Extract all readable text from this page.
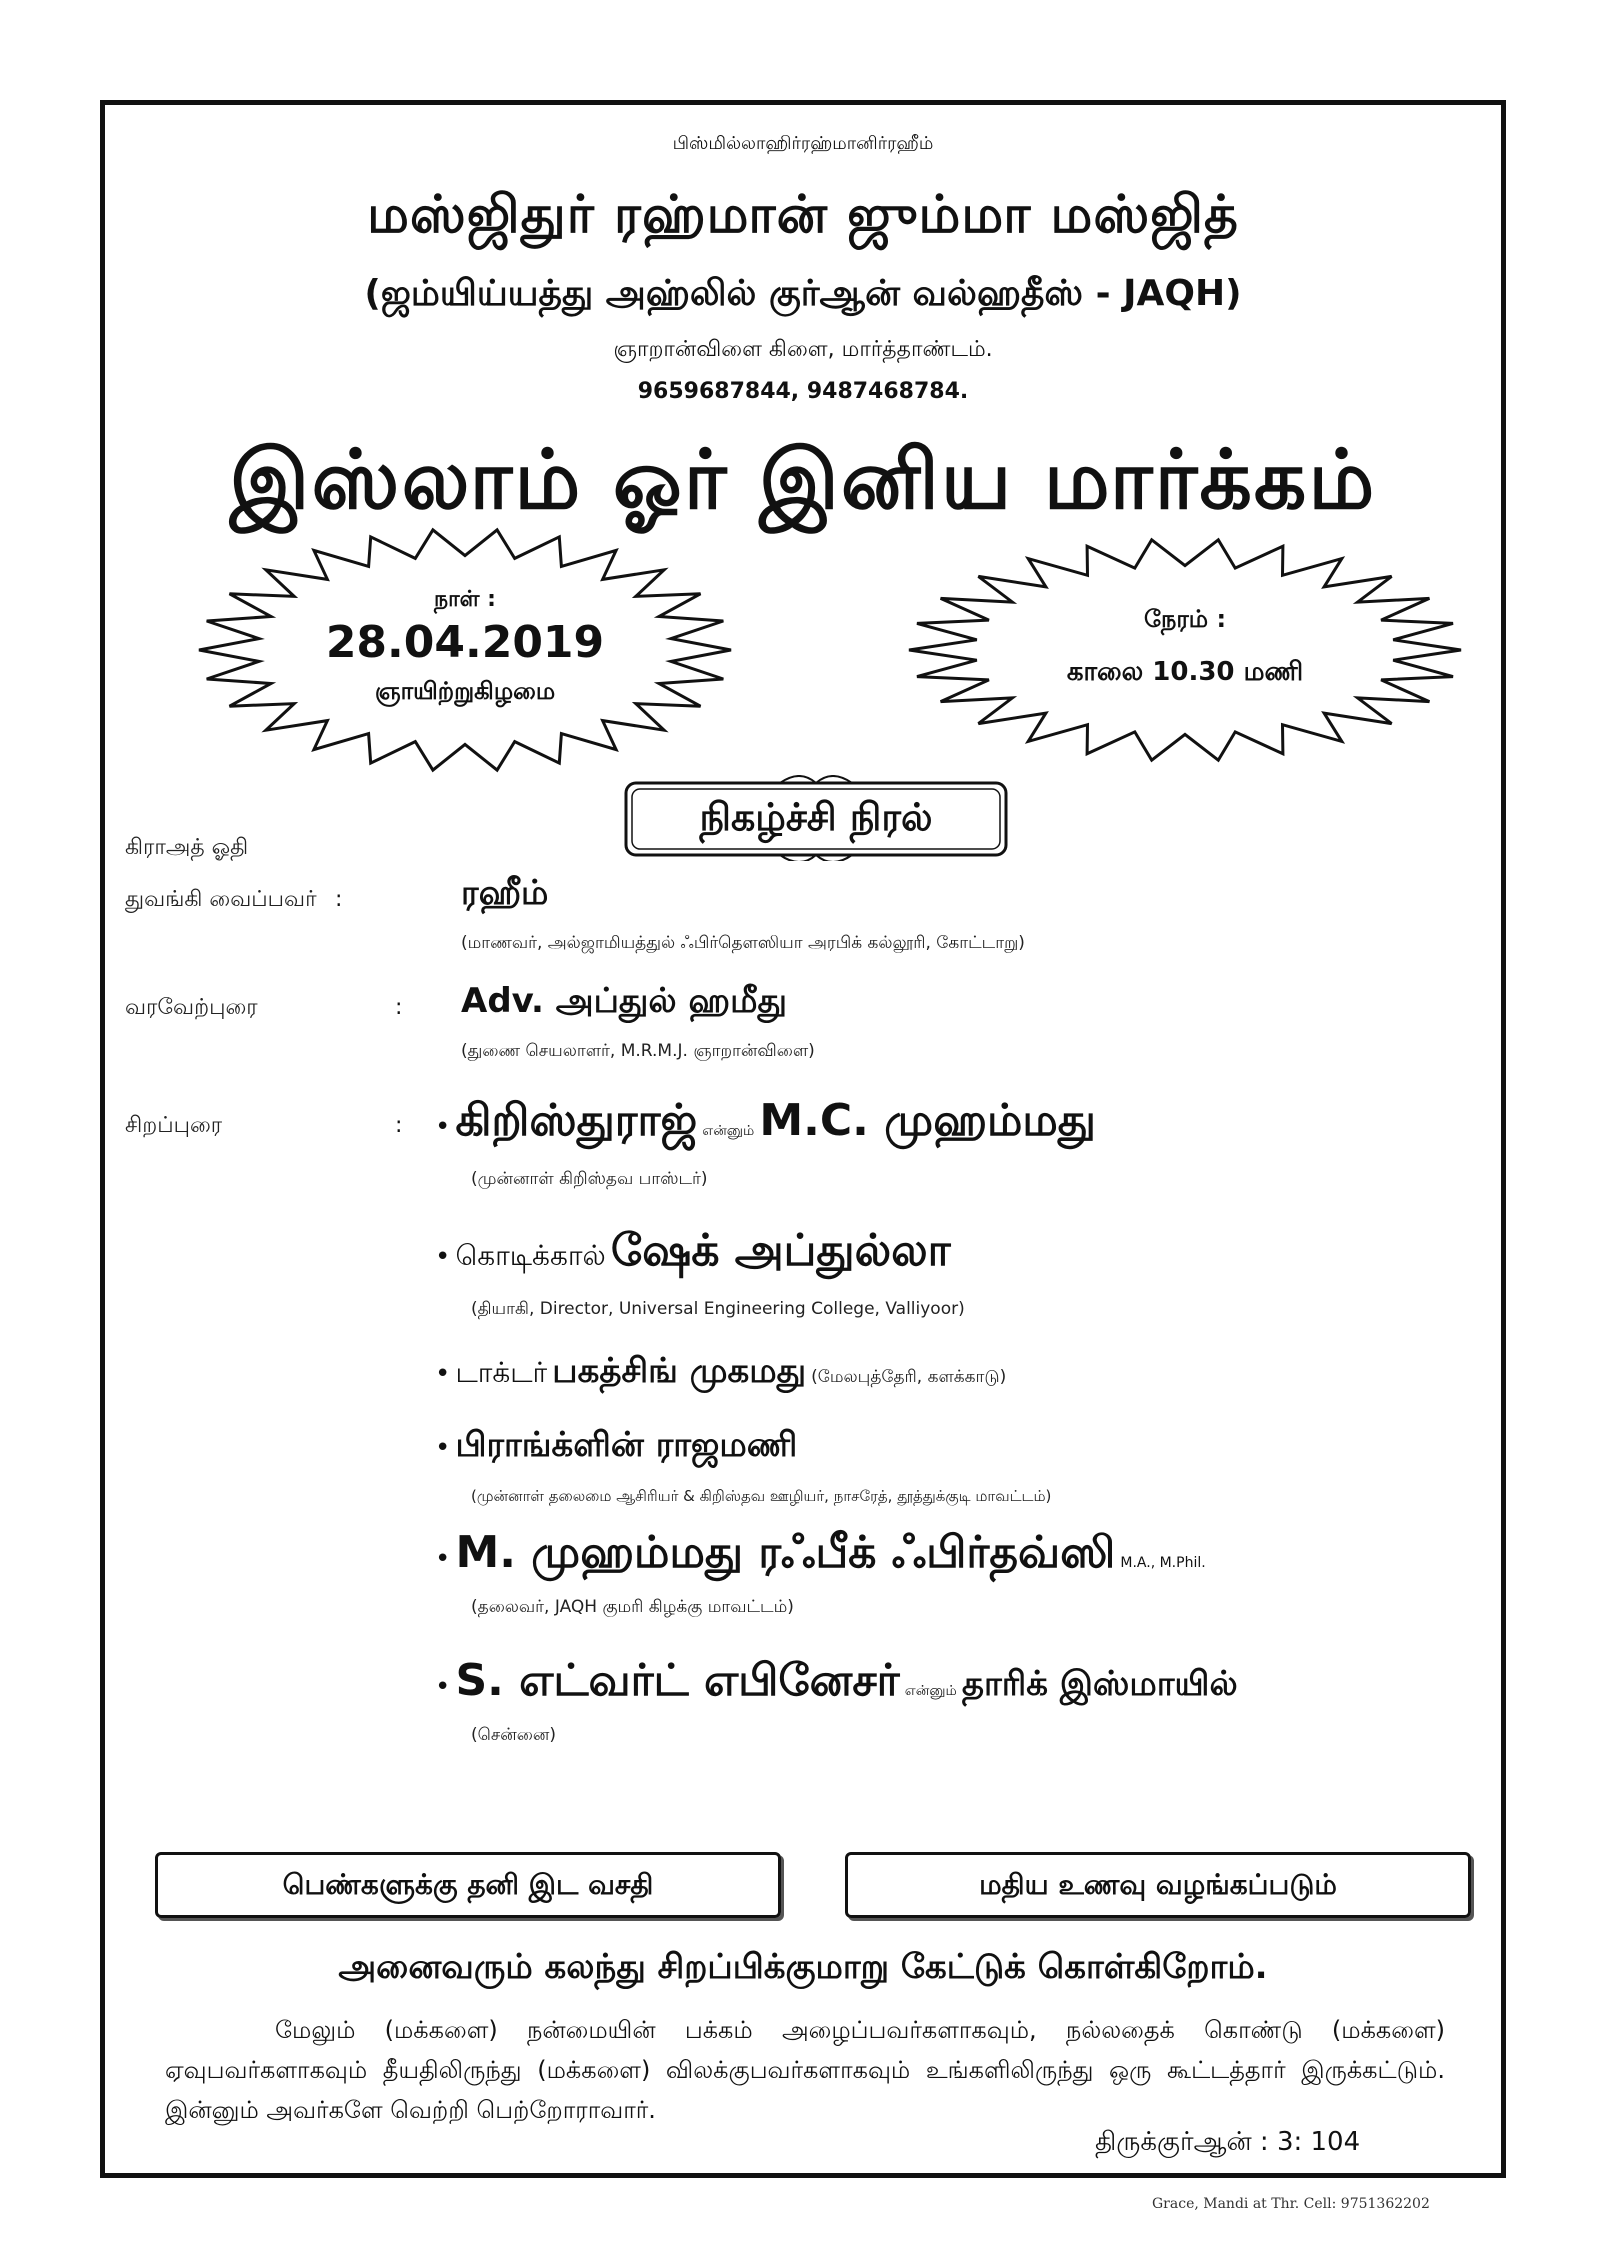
பிஸ்மில்லாஹிர்ரஹ்மானிர்ரஹீம்
மஸ்ஜிதுர் ரஹ்மான் ஜும்மா மஸ்ஜித்
(ஜம்யிய்யத்து அஹ்லில் குர்ஆன் வல்ஹதீஸ் - JAQH)
ஞாறான்விளை கிளை, மார்த்தாண்டம்.
9659687844, 9487468784.
இஸ்லாம் ஓர் இனிய மார்க்கம்
நாள் :
28.04.2019
ஞாயிற்றுகிழமை
நேரம் :
காலை 10.30 மணி
நிகழ்ச்சி நிரல்
கிராஅத் ஓதி
துவங்கி வைப்பவர் :	ரஹீம்
(மாணவர், அல்ஜாமியத்துல் ஃபிர்தௌஸியா அரபிக் கல்லூரி, கோட்டாறு)
வரவேற்புரை	: Adv. அப்துல் ஹமீது
(துணை செயலாளர், M.R.M.J. ஞாறான்விளை)
சிறப்புரை	: • கிறிஸ்துராஜ் என்னும் M.C. முஹம்மது
(முன்னாள் கிறிஸ்தவ பாஸ்டர்)
• கொடிக்கால் ஷேக் அப்துல்லா
(தியாகி, Director, Universal Engineering College, Valliyoor)
• டாக்டர் பகத்சிங் முகமது (மேலபுத்தேரி, களக்காடு)
• பிராங்க்ளின் ராஜமணி
(முன்னாள் தலைமை ஆசிரியர் & கிறிஸ்தவ ஊழியர், நாசரேத், தூத்துக்குடி மாவட்டம்)
• M. முஹம்மது ரஃபீக் ஃபிர்தவ்ஸி M.A., M.Phil.
(தலைவர், JAQH குமரி கிழக்கு மாவட்டம்)
• S. எட்வர்ட் எபினேசர் என்னும் தாரிக் இஸ்மாயில்
(சென்னை)
பெண்களுக்கு தனி இட வசதி	மதிய உணவு வழங்கப்படும்
அனைவரும் கலந்து சிறப்பிக்குமாறு கேட்டுக் கொள்கிறோம்.
மேலும் (மக்களை) நன்மையின் பக்கம் அழைப்பவர்களாகவும், நல்லதைக் கொண்டு (மக்களை) ஏவுபவர்களாகவும் தீயதிலிருந்து (மக்களை) விலக்குபவர்களாகவும் உங்களிலிருந்து ஒரு கூட்டத்தார் இருக்கட்டும். இன்னும் அவர்களே வெற்றி பெற்றோராவார்.
திருக்குர்ஆன் : 3: 104
Grace, Mandi at Thr. Cell: 9751362202
